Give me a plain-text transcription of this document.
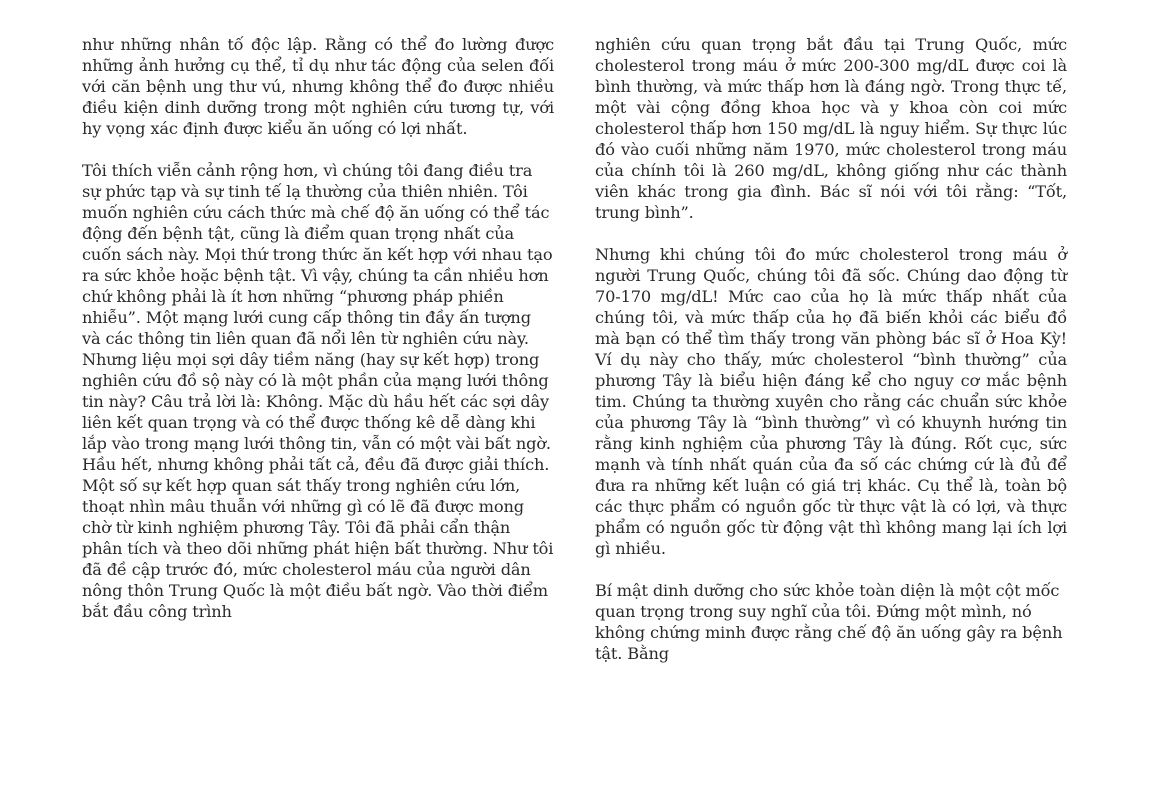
như những nhân tố độc lập. Rằng có thể đo lường được những ảnh hưởng cụ thể, tỉ dụ như tác động của selen đối với căn bệnh ung thư vú, nhưng không thể đo được nhiều điều kiện dinh dưỡng trong một nghiên cứu tương tự, với hy vọng xác định được kiểu ăn uống có lợi nhất.

Tôi thích viễn cảnh rộng hơn, vì chúng tôi đang điều tra sự phức tạp và sự tinh tế lạ thường của thiên nhiên. Tôi muốn nghiên cứu cách thức mà chế độ ăn uống có thể tác động đến bệnh tật, cũng là điểm quan trọng nhất của cuốn sách này. Mọi thứ trong thức ăn kết hợp với nhau tạo ra sức khỏe hoặc bệnh tật. Vì vậy, chúng ta cần nhiều hơn chứ không phải là ít hơn những “phương pháp phiền nhiễu”. Một mạng lưới cung cấp thông tin đầy ấn tượng và các thông tin liên quan đã nổi lên từ nghiên cứu này. Nhưng liệu mọi sợi dây tiềm năng (hay sự kết hợp) trong nghiên cứu đồ sộ này có là một phần của mạng lưới thông tin này? Câu trả lời là: Không. Mặc dù hầu hết các sợi dây liên kết quan trọng và có thể được thống kê dễ dàng khi lắp vào trong mạng lưới thông tin, vẫn có một vài bất ngờ. Hầu hết, nhưng không phải tất cả, đều đã được giải thích. Một số sự kết hợp quan sát thấy trong nghiên cứu lớn, thoạt nhìn mâu thuẫn với những gì có lẽ đã được mong chờ từ kinh nghiệm phương Tây. Tôi đã phải cẩn thận phân tích và theo dõi những phát hiện bất thường. Như tôi đã đề cập trước đó, mức cholesterol máu của người dân nông thôn Trung Quốc là một điều bất ngờ. Vào thời điểm bắt đầu công trình

nghiên cứu quan trọng bắt đầu tại Trung Quốc, mức cholesterol trong máu ở mức 200-300 mg/dL được coi là bình thường, và mức thấp hơn là đáng ngờ. Trong thực tế, một vài cộng đồng khoa học và y khoa còn coi mức cholesterol thấp hơn 150 mg/dL là nguy hiểm. Sự thực lúc đó vào cuối những năm 1970, mức cholesterol trong máu của chính tôi là 260 mg/dL, không giống như các thành viên khác trong gia đình. Bác sĩ nói với tôi rằng: “Tốt, trung bình”.

Nhưng khi chúng tôi đo mức cholesterol trong máu ở người Trung Quốc, chúng tôi đã sốc. Chúng dao động từ 70-170 mg/dL! Mức cao của họ là mức thấp nhất của chúng tôi, và mức thấp của họ đã biến khỏi các biểu đồ mà bạn có thể tìm thấy trong văn phòng bác sĩ ở Hoa Kỳ! Ví dụ này cho thấy, mức cholesterol “bình thường” của phương Tây là biểu hiện đáng kể cho nguy cơ mắc bệnh tim. Chúng ta thường xuyên cho rằng các chuẩn sức khỏe của phương Tây là “bình thường” vì có khuynh hướng tin rằng kinh nghiệm của phương Tây là đúng. Rốt cục, sức mạnh và tính nhất quán của đa số các chứng cứ là đủ để đưa ra những kết luận có giá trị khác. Cụ thể là, toàn bộ các thực phẩm có nguồn gốc từ thực vật là có lợi, và thực phẩm có nguồn gốc từ động vật thì không mang lại ích lợi gì nhiều.

Bí mật dinh dưỡng cho sức khỏe toàn diện là một cột mốc quan trọng trong suy nghĩ của tôi. Đứng một mình, nó không chứng minh được rằng chế độ ăn uống gây ra bệnh tật. Bằng
